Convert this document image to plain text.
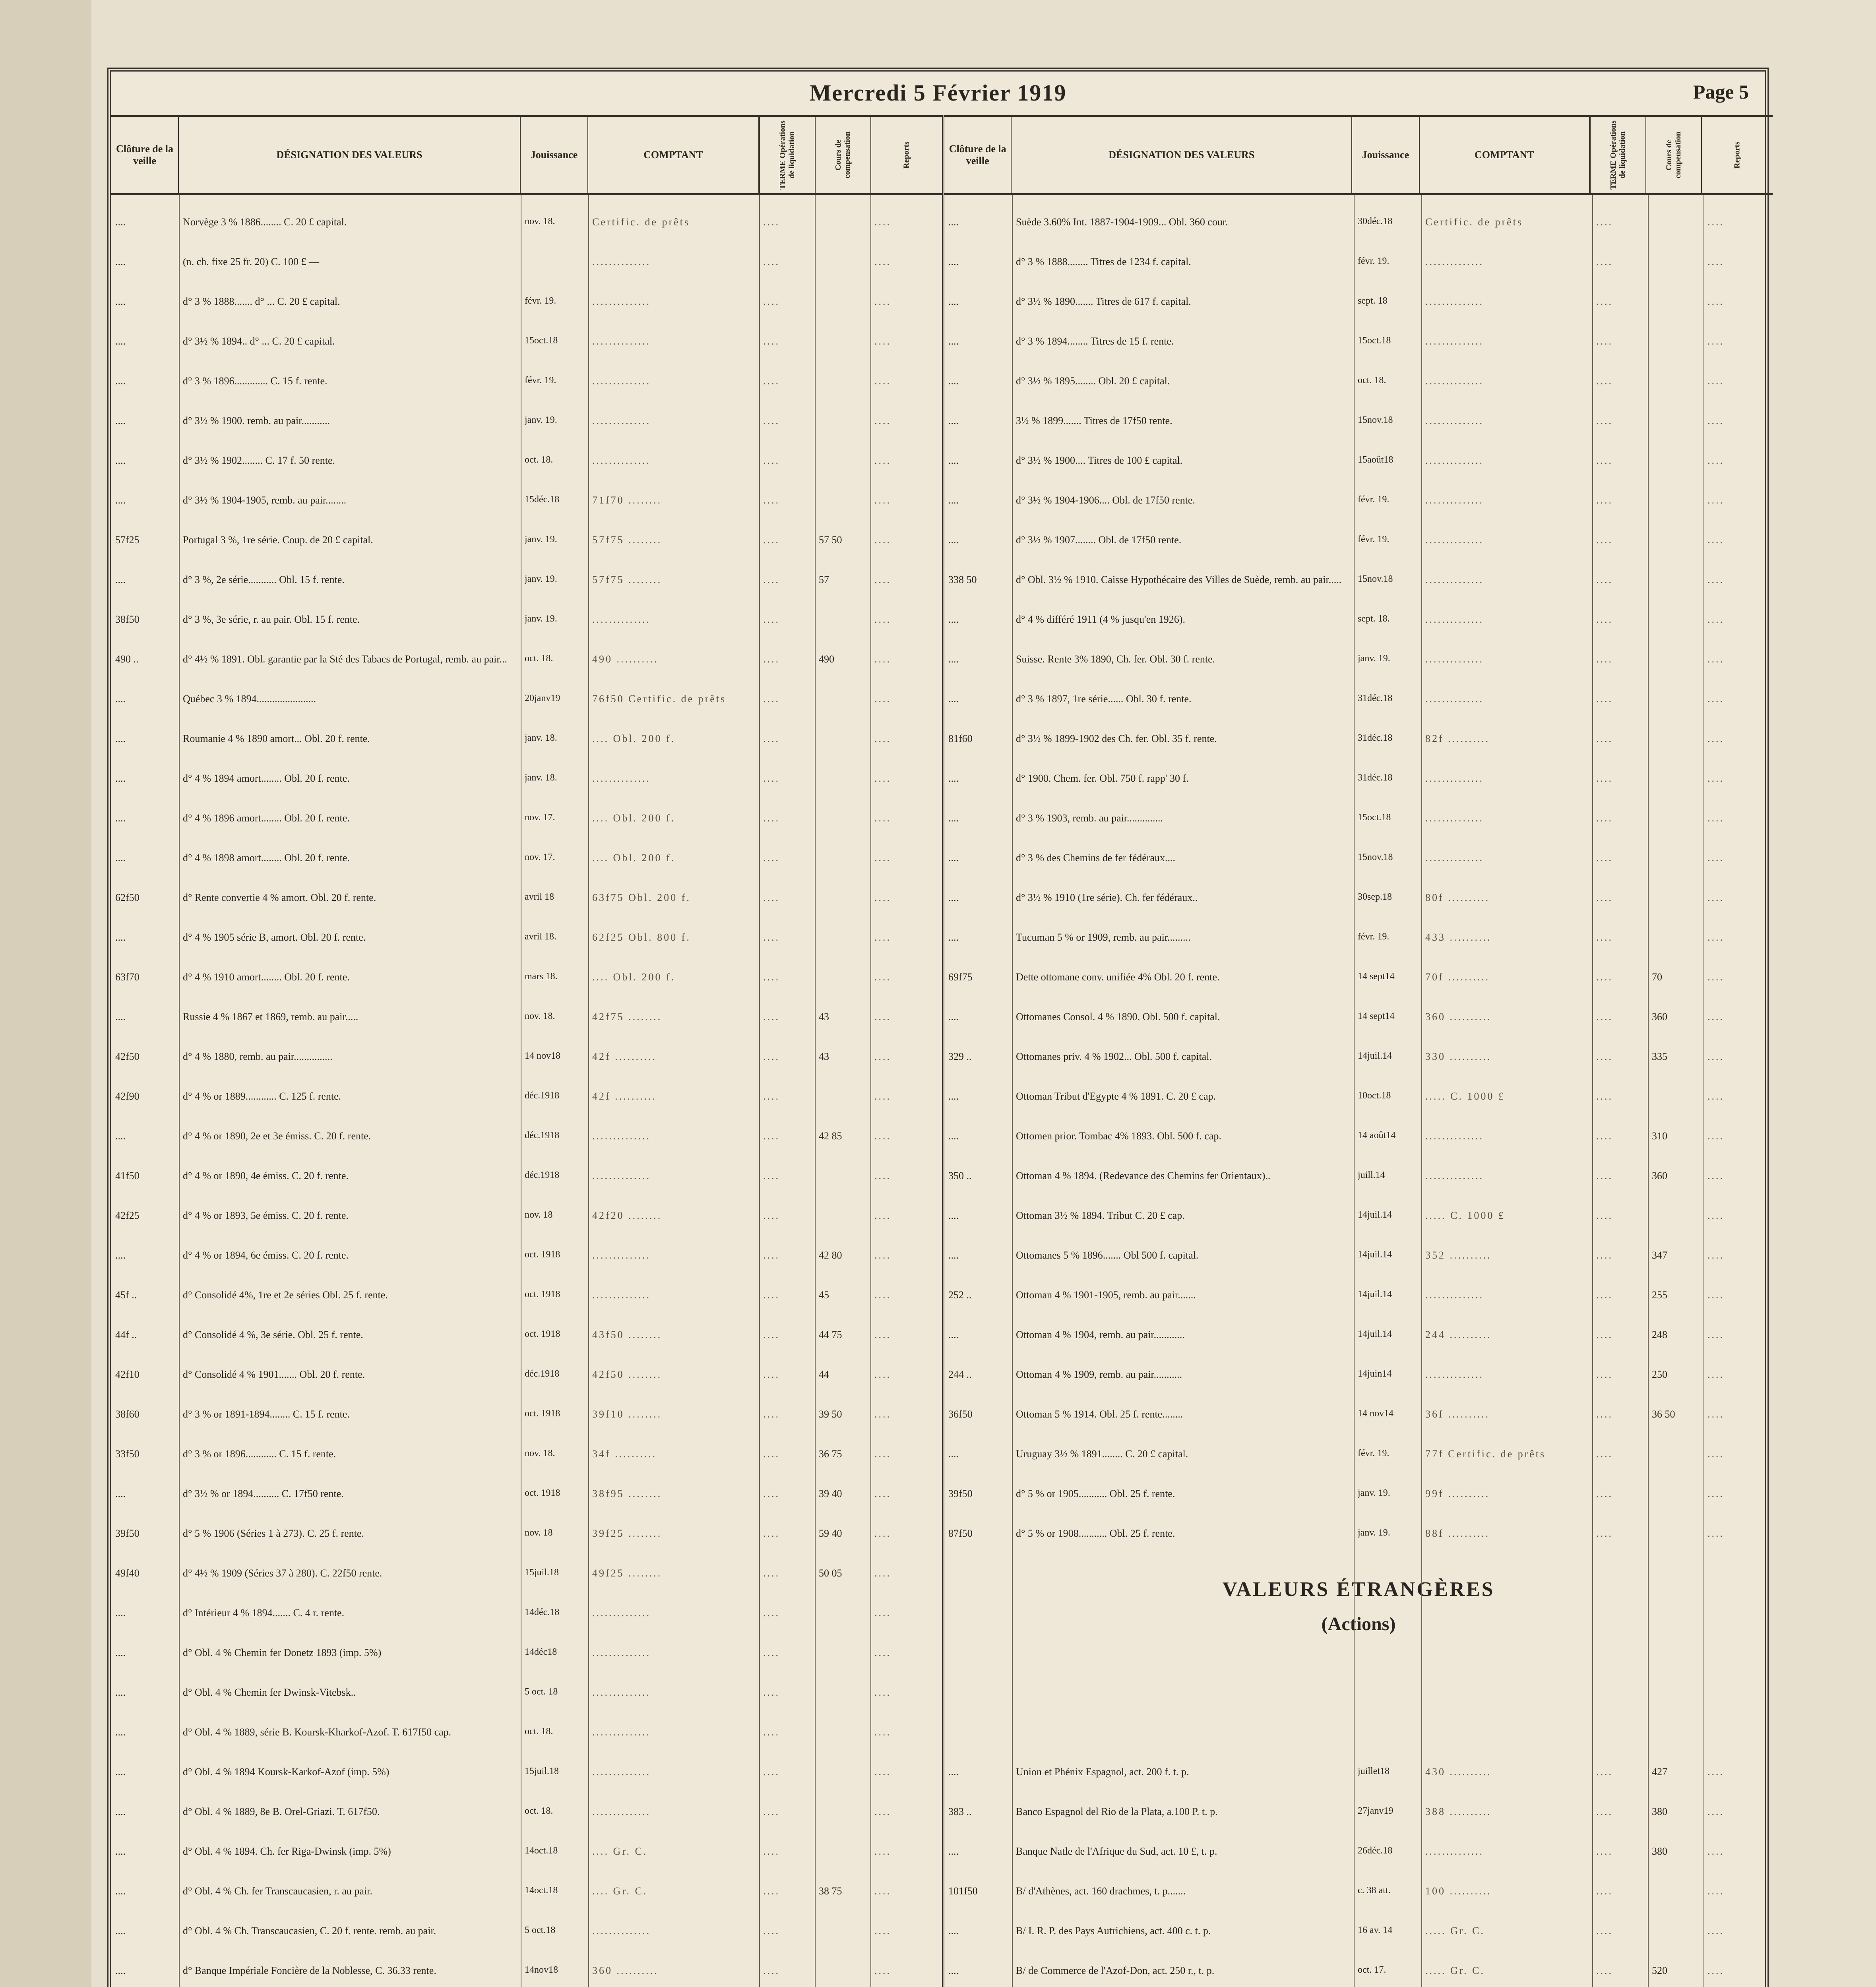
Mercredi 5 Février 1919	Page 5
Clôture de la veille
DÉSIGNATION DES VALEURS	Jouissance	COMPTANT	TERME Opérations de liquidation	Cours de compensation	Reports
....	Norvège 3 % 1886........ C. 20 £ capital.	nov. 18.	Certific. de prêts	....	....
....	(n. ch. fixe 25 fr. 20) C. 100 £ —	..............	....	....
....	d° 3 % 1888....... d° ... C. 20 £ capital.	févr. 19.	..............	....	....
....	d° 3½ % 1894.. d° ... C. 20 £ capital.	15oct.18	..............	....	....
....	d° 3 % 1896............. C. 15 f. rente.	févr. 19.	..............	....	....
....	d° 3½ % 1900. remb. au pair...........	janv. 19.	..............	....	....
....	d° 3½ % 1902........ C. 17 f. 50 rente.	oct. 18.	..............	....	....
....	d° 3½ % 1904-1905, remb. au pair........	15déc.18	71f70 ........	....	....
57f25	Portugal 3 %, 1re série. Coup. de 20 £ capital.	janv. 19.	57f75 ........	....	57 50	....
....	d° 3 %, 2e série........... Obl. 15 f. rente.	janv. 19.	57f75 ........	....	57	....
38f50	d° 3 %, 3e série, r. au pair. Obl. 15 f. rente.	janv. 19.	..............	....	....
490 ..	d° 4½ % 1891. Obl. garantie par la Sté des Tabacs de Portugal, remb. au pair...	oct. 18.	490 ..........	....	490	....
....	Québec 3 % 1894.......................	20janv19	76f50 Certific. de prêts	....	....
....	Roumanie 4 % 1890 amort... Obl. 20 f. rente.	janv. 18.	.... Obl. 200 f.	....	....
....	d° 4 % 1894 amort........ Obl. 20 f. rente.	janv. 18.	..............	....	....
....	d° 4 % 1896 amort........ Obl. 20 f. rente.	nov. 17.	.... Obl. 200 f.	....	....
....	d° 4 % 1898 amort........ Obl. 20 f. rente.	nov. 17.	.... Obl. 200 f.	....	....
62f50	d° Rente convertie 4 % amort. Obl. 20 f. rente.	avril 18	63f75 Obl. 200 f.	....	....
....	d° 4 % 1905 série B, amort. Obl. 20 f. rente.	avril 18.	62f25 Obl. 800 f.	....	....
63f70	d° 4 % 1910 amort........ Obl. 20 f. rente.	mars 18.	.... Obl. 200 f.	....	....
....	Russie 4 % 1867 et 1869, remb. au pair.....	nov. 18.	42f75 ........	....	43	....
42f50	d° 4 % 1880, remb. au pair...............	14 nov18	42f ..........	....	43	....
42f90	d° 4 % or 1889............ C. 125 f. rente.	déc.1918	42f ..........	....	....
....	d° 4 % or 1890, 2e et 3e émiss. C. 20 f. rente.	déc.1918	..............	....	42 85	....
41f50	d° 4 % or 1890, 4e émiss. C. 20 f. rente.	déc.1918	..............	....	....
42f25	d° 4 % or 1893, 5e émiss. C. 20 f. rente.	nov. 18	42f20 ........	....	....
....	d° 4 % or 1894, 6e émiss. C. 20 f. rente.	oct. 1918	..............	....	42 80	....
45f ..	d° Consolidé 4%, 1re et 2e séries Obl. 25 f. rente.	oct. 1918	..............	....	45	....
44f ..	d° Consolidé 4 %, 3e série. Obl. 25 f. rente.	oct. 1918	43f50 ........	....	44 75	....
42f10	d° Consolidé 4 % 1901....... Obl. 20 f. rente.	déc.1918	42f50 ........	....	44	....
38f60	d° 3 % or 1891-1894........ C. 15 f. rente.	oct. 1918	39f10 ........	....	39 50	....
33f50	d° 3 % or 1896............ C. 15 f. rente.	nov. 18.	34f ..........	....	36 75	....
....	d° 3½ % or 1894.......... C. 17f50 rente.	oct. 1918	38f95 ........	....	39 40	....
39f50	d° 5 % 1906 (Séries 1 à 273). C. 25 f. rente.	nov. 18	39f25 ........	....	59 40	....
49f40	d° 4½ % 1909 (Séries 37 à 280). C. 22f50 rente.	15juil.18	49f25 ........	....	50 05	....
....	d° Intérieur 4 % 1894....... C. 4 r. rente.	14déc.18	..............	....	....
....	d° Obl. 4 % Chemin fer Donetz 1893 (imp. 5%)	14déc18	..............	....	....
....	d° Obl. 4 % Chemin fer Dwinsk-Vitebsk..	5 oct. 18	..............	....	....
....	d° Obl. 4 % 1889, série B. Koursk-Kharkof-Azof. T. 617f50 cap.	oct. 18.	..............	....	....
....	d° Obl. 4 % 1894 Koursk-Karkof-Azof (imp. 5%)	15juil.18	..............	....	....
....	d° Obl. 4 % 1889, 8e B. Orel-Griazi. T. 617f50.	oct. 18.	..............	....	....
....	d° Obl. 4 % 1894. Ch. fer Riga-Dwinsk (imp. 5%)	14oct.18	.... Gr. C.	....	....
....	d° Obl. 4 % Ch. fer Transcaucasien, r. au pair.	14oct.18	.... Gr. C.	....	38 75	....
....	d° Obl. 4 % Ch. Transcaucasien, C. 20 f. rente. remb. au pair.	5 oct.18	..............	....	....
....	d° Banque Impériale Foncière de la Noblesse, C. 36.33 rente.	14nov18	360 ..........	....	....
Clôture de la veille
DÉSIGNATION DES VALEURS	Jouissance	COMPTANT	TERME Opérations de liquidation	Cours de compensation	Reports
VALEURS ÉTRANGÈRES
(Actions)
....	Suède 3.60% Int. 1887-1904-1909... Obl. 360 cour.	30déc.18	Certific. de prêts	....	....
....	d° 3 % 1888........ Titres de 1234 f. capital.	févr. 19.	..............	....	....
....	d° 3½ % 1890....... Titres de 617 f. capital.	sept. 18	..............	....	....
....	d° 3 % 1894........ Titres de 15 f. rente.	15oct.18	..............	....	....
....	d° 3½ % 1895........ Obl. 20 £ capital.	oct. 18.	..............	....	....
....	3½ % 1899....... Titres de 17f50 rente.	15nov.18	..............	....	....
....	d° 3½ % 1900.... Titres de 100 £ capital.	15août18	..............	....	....
....	d° 3½ % 1904-1906.... Obl. de 17f50 rente.	févr. 19.	..............	....	....
....	d° 3½ % 1907........ Obl. de 17f50 rente.	févr. 19.	..............	....	....
338 50	d° Obl. 3½ % 1910. Caisse Hypothécaire des Villes de Suède, remb. au pair.....	15nov.18	..............	....	....
....	d° 4 % différé 1911 (4 % jusqu'en 1926).	sept. 18.	..............	....	....
....	Suisse. Rente 3% 1890, Ch. fer. Obl. 30 f. rente.	janv. 19.	..............	....	....
....	d° 3 % 1897, 1re série...... Obl. 30 f. rente.	31déc.18	..............	....	....
81f60	d° 3½ % 1899-1902 des Ch. fer. Obl. 35 f. rente.	31déc.18	82f ..........	....	....
....	d° 1900. Chem. fer. Obl. 750 f. rapp' 30 f.	31déc.18	..............	....	....
....	d° 3 % 1903, remb. au pair..............	15oct.18	..............	....	....
....	d° 3 % des Chemins de fer fédéraux....	15nov.18	..............	....	....
....	d° 3½ % 1910 (1re série). Ch. fer fédéraux..	30sep.18	80f ..........	....	....
....	Tucuman 5 % or 1909, remb. au pair.........	févr. 19.	433 ..........	....	....
69f75	Dette ottomane conv. unifiée 4% Obl. 20 f. rente.	14 sept14	70f ..........	....	70	....
....	Ottomanes Consol. 4 % 1890. Obl. 500 f. capital.	14 sept14	360 ..........	....	360	....
329 ..	Ottomanes priv. 4 % 1902... Obl. 500 f. capital.	14juil.14	330 ..........	....	335	....
....	Ottoman Tribut d'Egypte 4 % 1891. C. 20 £ cap.	10oct.18	..... C. 1000 £	....	....
....	Ottomen prior. Tombac 4% 1893. Obl. 500 f. cap.	14 août14	..............	....	310	....
350 ..	Ottoman 4 % 1894. (Redevance des Chemins fer Orientaux)..	juill.14	..............	....	360	....
....	Ottoman 3½ % 1894. Tribut C. 20 £ cap.	14juil.14	..... C. 1000 £	....	....
....	Ottomanes 5 % 1896....... Obl 500 f. capital.	14juil.14	352 ..........	....	347	....
252 ..	Ottoman 4 % 1901-1905, remb. au pair.......	14juil.14	..............	....	255	....
....	Ottoman 4 % 1904, remb. au pair............	14juil.14	244 ..........	....	248	....
244 ..	Ottoman 4 % 1909, remb. au pair...........	14juin14	..............	....	250	....
36f50	Ottoman 5 % 1914. Obl. 25 f. rente........	14 nov14	36f ..........	....	36 50	....
....	Uruguay 3½ % 1891........ C. 20 £ capital.	févr. 19.	77f Certific. de prêts	....	....
39f50	d° 5 % or 1905........... Obl. 25 f. rente.	janv. 19.	99f ..........	....	....
87f50	d° 5 % or 1908........... Obl. 25 f. rente.	janv. 19.	88f ..........	....	....
....	Union et Phénix Espagnol, act. 200 f. t. p.	juillet18	430 ..........	....	427	....
383 ..	Banco Espagnol del Rio de la Plata, a.100 P. t. p.	27janv19	388 ..........	....	380	....
....	Banque Natle de l'Afrique du Sud, act. 10 £, t. p.	26déc.18	..............	....	380	....
101f50	B/ d'Athènes, act. 160 drachmes, t. p.......	c. 38 att.	100 ..........	....	....
....	B/ I. R. P. des Pays Autrichiens, act. 400 c. t. p.	16 av. 14	..... Gr. C.	....	....
....	B/ de Commerce de l'Azof-Don, act. 250 r., t. p.	oct. 17.	..... Gr. C.	....	520	....
